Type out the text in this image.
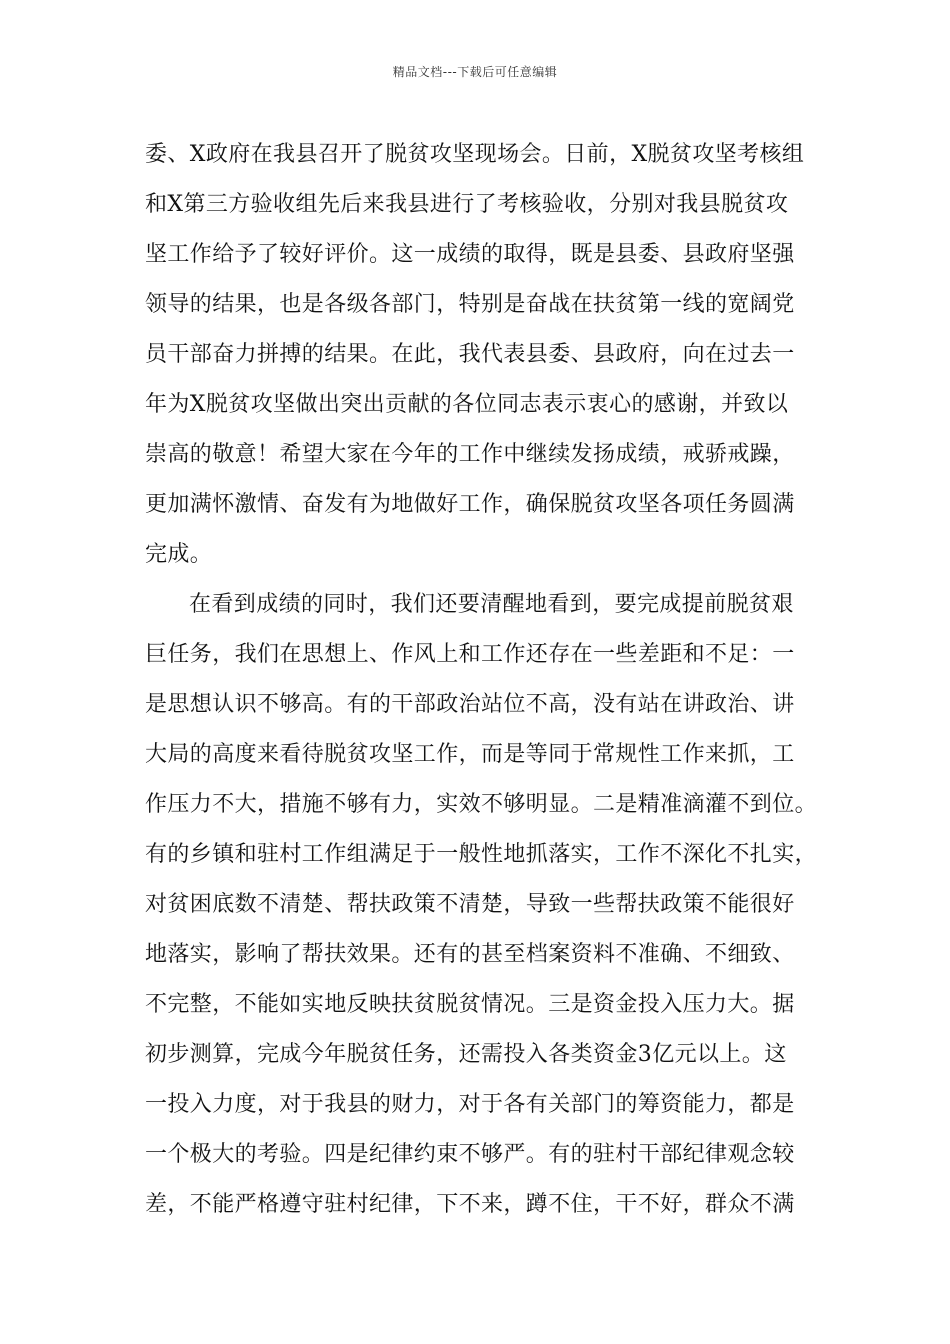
精品文档---下载后可任意编辑
委、X政府在我县召开了脱贫攻坚现场会。日前，X脱贫攻坚考核组
和X第三方验收组先后来我县进行了考核验收，分别对我县脱贫攻
坚工作给予了较好评价。这一成绩的取得，既是县委、县政府坚强
领导的结果，也是各级各部门，特别是奋战在扶贫第一线的宽阔党
员干部奋力拼搏的结果。在此，我代表县委、县政府，向在过去一
年为X脱贫攻坚做出突出贡献的各位同志表示衷心的感谢，并致以
崇高的敬意！希望大家在今年的工作中继续发扬成绩，戒骄戒躁，
更加满怀激情、奋发有为地做好工作，确保脱贫攻坚各项任务圆满
完成。
在看到成绩的同时，我们还要清醒地看到，要完成提前脱贫艰
巨任务，我们在思想上、作风上和工作还存在一些差距和不足：一
是思想认识不够高。有的干部政治站位不高，没有站在讲政治、讲
大局的高度来看待脱贫攻坚工作，而是等同于常规性工作来抓，工
作压力不大，措施不够有力，实效不够明显。二是精准滴灌不到位。
有的乡镇和驻村工作组满足于一般性地抓落实，工作不深化不扎实，
对贫困底数不清楚、帮扶政策不清楚，导致一些帮扶政策不能很好
地落实，影响了帮扶效果。还有的甚至档案资料不准确、不细致、
不完整，不能如实地反映扶贫脱贫情况。三是资金投入压力大。据
初步测算，完成今年脱贫任务，还需投入各类资金3亿元以上。这
一投入力度，对于我县的财力，对于各有关部门的筹资能力，都是
一个极大的考验。四是纪律约束不够严。有的驻村干部纪律观念较
差，不能严格遵守驻村纪律，下不来，蹲不住，干不好，群众不满
